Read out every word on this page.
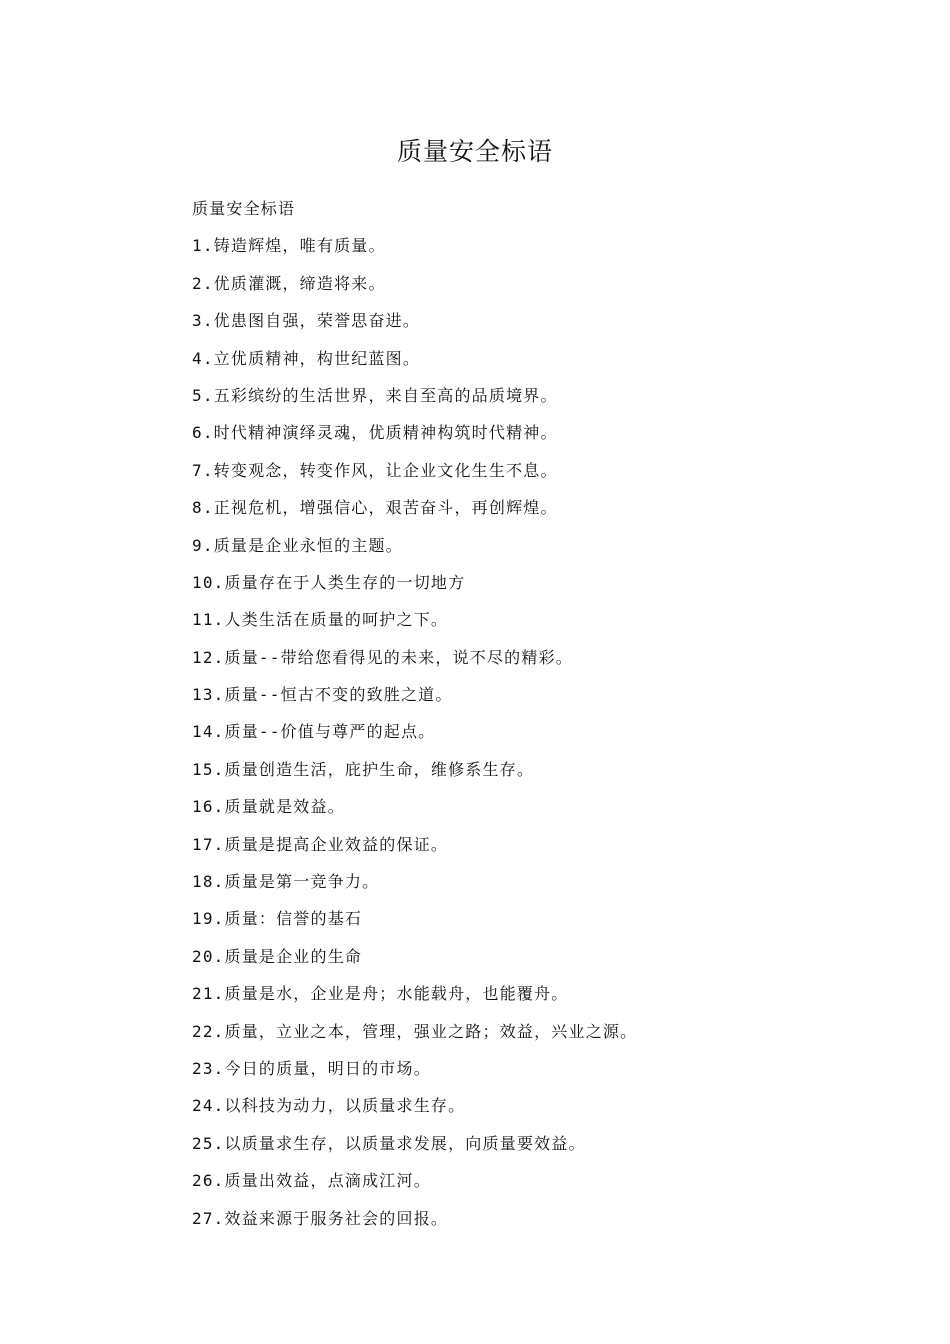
质量安全标语
质量安全标语
1.铸造辉煌，唯有质量。
2.优质灌溉，缔造将来。
3.优患图自强，荣誉思奋进。
4.立优质精神，构世纪蓝图。
5.五彩缤纷的生活世界，来自至高的品质境界。
6.时代精神演绎灵魂，优质精神构筑时代精神。
7.转变观念，转变作风，让企业文化生生不息。
8.正视危机，增强信心，艰苦奋斗，再创辉煌。
9.质量是企业永恒的主题。
10.质量存在于人类生存的一切地方
11.人类生活在质量的呵护之下。
12.质量--带给您看得见的未来，说不尽的精彩。
13.质量--恒古不变的致胜之道。
14.质量--价值与尊严的起点。
15.质量创造生活，庇护生命，维修系生存。
16.质量就是效益。
17.质量是提高企业效益的保证。
18.质量是第一竞争力。
19.质量：信誉的基石
20.质量是企业的生命
21.质量是水，企业是舟；水能载舟，也能覆舟。
22.质量，立业之本，管理，强业之路；效益，兴业之源。
23.今日的质量，明日的市场。
24.以科技为动力，以质量求生存。
25.以质量求生存，以质量求发展，向质量要效益。
26.质量出效益，点滴成江河。
27.效益来源于服务社会的回报。
